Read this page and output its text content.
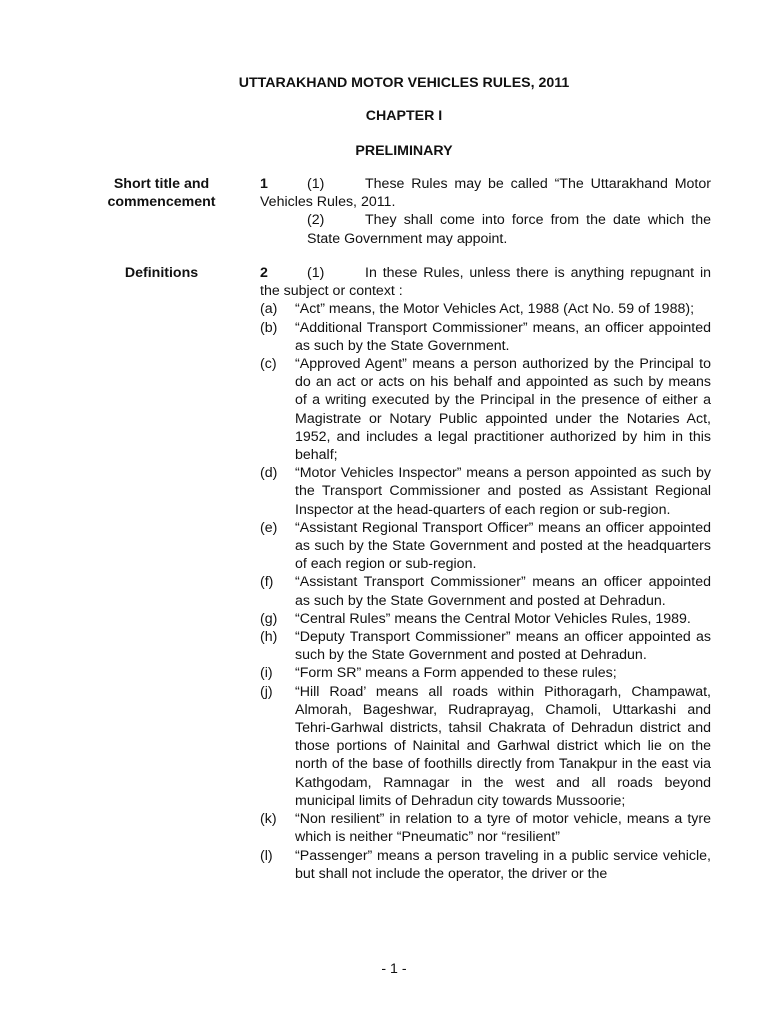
UTTARAKHAND MOTOR VEHICLES RULES, 2011
CHAPTER I
PRELIMINARY
Short title and commencement
1	(1)	These Rules may be called “The Uttarakhand Motor Vehicles Rules, 2011.
(2)	They shall come into force from the date which the State Government may appoint.
Definitions	2	(1)	In these Rules, unless there is anything repugnant in the subject or context :
(a) “Act” means, the Motor Vehicles Act, 1988 (Act No. 59 of 1988);
(b) “Additional Transport Commissioner” means, an officer appointed as such by the State Government.
(c) “Approved Agent” means a person authorized by the Principal to do an act or acts on his behalf and appointed as such by means of a writing executed by the Principal in the presence of either a Magistrate or Notary Public appointed under the Notaries Act, 1952, and includes a legal practitioner authorized by him in this behalf;
(d) “Motor Vehicles Inspector” means a person appointed as such by the Transport Commissioner and posted as Assistant Regional Inspector at the head-quarters of each region or sub-region.
(e) “Assistant Regional Transport Officer” means an officer appointed as such by the State Government and posted at the headquarters of each region or sub-region.
(f) “Assistant Transport Commissioner” means an officer appointed as such by the State Government and posted at Dehradun.
(g) “Central Rules” means the Central Motor Vehicles Rules, 1989.
(h) “Deputy Transport Commissioner” means an officer appointed as such by the State Government and posted at Dehradun.
(i) “Form SR” means a Form appended to these rules;
(j) “Hill Road’ means all roads within Pithoragarh, Champawat, Almorah, Bageshwar, Rudraprayag, Chamoli, Uttarkashi and Tehri-Garhwal districts, tahsil Chakrata of Dehradun district and those portions of Nainital and Garhwal district which lie on the north of the base of foothills directly from Tanakpur in the east via Kathgodam, Ramnagar in the west and all roads beyond municipal limits of Dehradun city towards Mussoorie;
(k) “Non resilient” in relation to a tyre of motor vehicle, means a tyre which is neither “Pneumatic” nor “resilient”
(l) “Passenger” means a person traveling in a public service vehicle, but shall not include the operator, the driver or the
- 1 -
